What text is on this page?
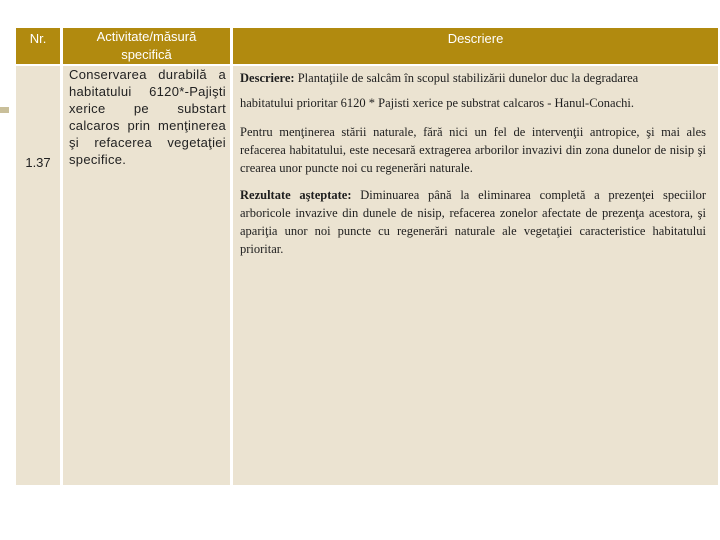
Nr.	Activitate/măsură specifică
Descriere
1.37
Conservarea durabilă a habitatului 6120*-Pajişti xerice pe substart calcaros prin menţinerea şi refacerea vegetaţiei specifice.

Descriere: Plantaţiile de salcâm în scopul stabilizării dunelor duc la degradarea

habitatului prioritar 6120 * Pajisti xerice pe substrat calcaros - Hanul-Conachi.

Pentru menţinerea stării naturale, fără nici un fel de intervenţii antropice, şi mai ales refacerea habitatului, este necesară extragerea arborilor invazivi din zona dunelor de nisip şi crearea unor puncte noi cu regenerări naturale.

Rezultate aşteptate: Diminuarea până la eliminarea completă a prezenţei speciilor arboricole invazive din dunele de nisip, refacerea zonelor afectate de prezenţa acestora, şi apariţia unor noi puncte cu regenerări naturale ale vegetaţiei caracteristice habitatului prioritar.
